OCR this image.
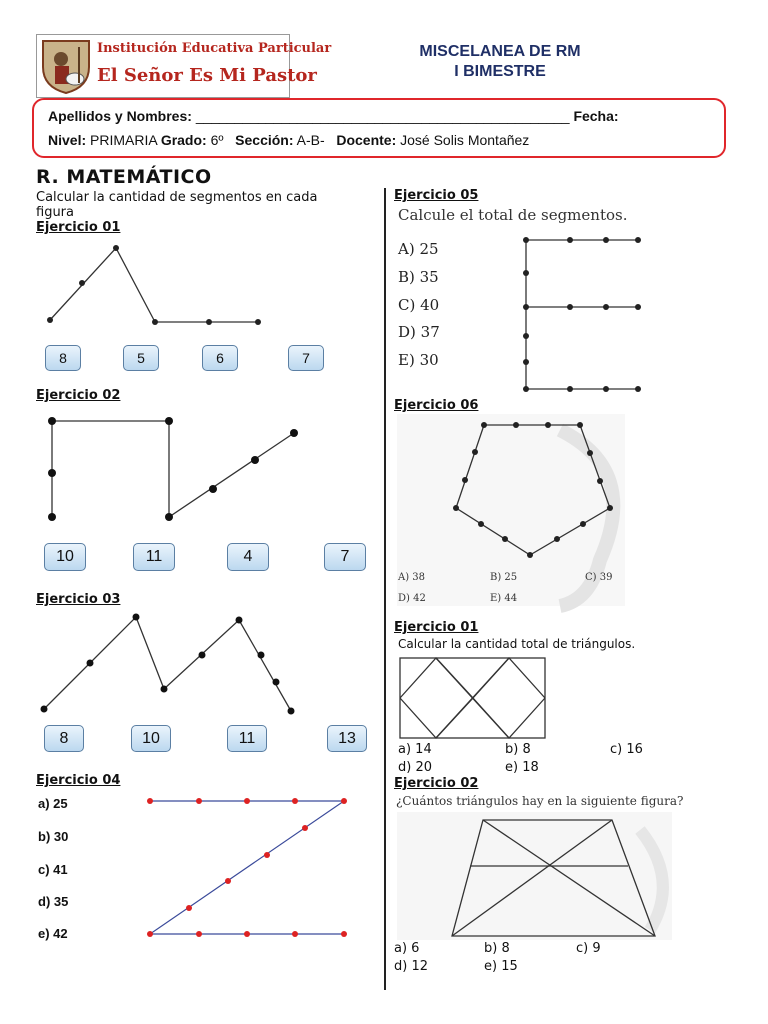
Institución Educativa Particular
El Señor Es Mi Pastor
MISCELANEA DE RM
I BIMESTRE
Apellidos y Nombres: ________________________________________________ Fecha:
Nivel: PRIMARIA Grado: 6º Sección: A-B- Docente: José Solis Montañez
R. MATEMÁTICO
Calcular la cantidad de segmentos en cada figura
Ejercicio 01
8	5	6	7
Ejercicio 02
10	11	4	7
Ejercicio 03
8	10	11	13
Ejercicio 04
a) 25
b) 30
c) 41
d) 35
e) 42
Ejercicio 05
Calcule el total de segmentos.
A) 25
B) 35
C) 40
D) 37
E) 30
Ejercicio 06
A) 38	B) 25	C) 39
D) 42	E) 44
Ejercicio 01
Calcular la cantidad total de triángulos.
a) 14	b) 8	c) 16
d) 20	e) 18
Ejercicio 02
¿Cuántos triángulos hay en la siguiente figura?
a) 6	b) 8	c) 9
d) 12	e) 15
